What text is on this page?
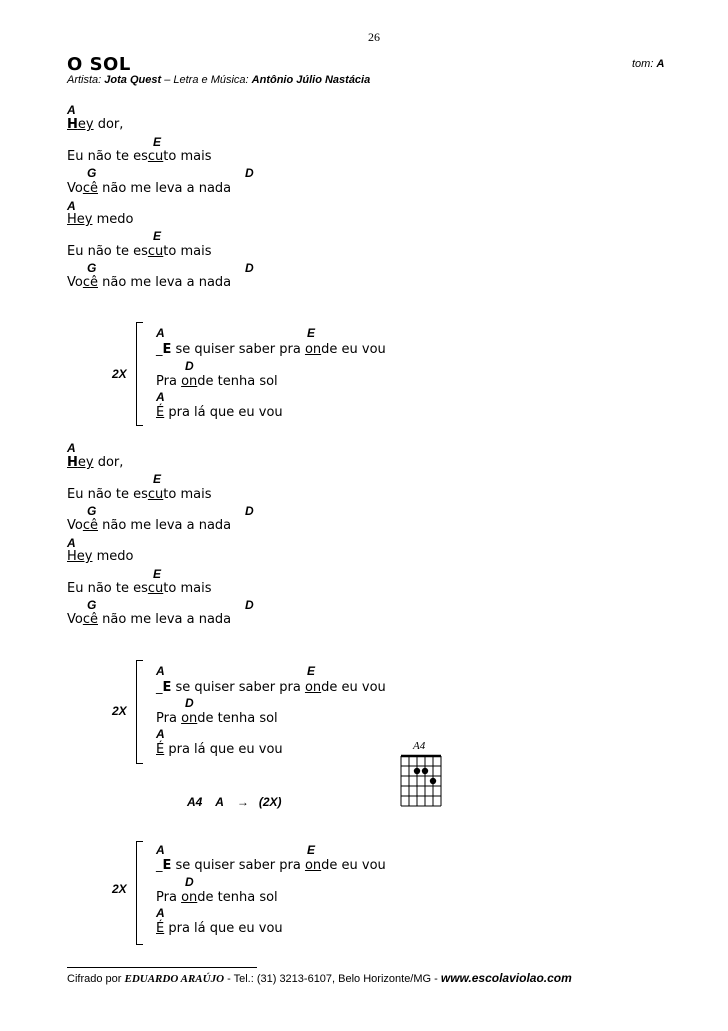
26
O SOL	tom: A
Artista: Jota Quest – Letra e Música: Antônio Júlio Nastácia
A
Hey dor,
E
Eu não te escuto mais
G	D
Você não me leva a nada
A
Hey medo
E
Eu não te escuto mais
G	D
Você não me leva a nada
2X
A	E
_E se quiser saber pra onde eu vou
D
Pra onde tenha sol
A
É pra lá que eu vou
A
Hey dor,
E
Eu não te escuto mais
G	D
Você não me leva a nada
A
Hey medo
E
Eu não te escuto mais
G	D
Você não me leva a nada
2X
A	E
_E se quiser saber pra onde eu vou
D
Pra onde tenha sol
A
É pra lá que eu vou	A4
A4 A → (2X)
2X
A	E
_E se quiser saber pra onde eu vou
D
Pra onde tenha sol
A
É pra lá que eu vou
Cifrado por EDUARDO ARAÚJO - Tel.: (31) 3213-6107, Belo Horizonte/MG - www.escolaviolao.com
